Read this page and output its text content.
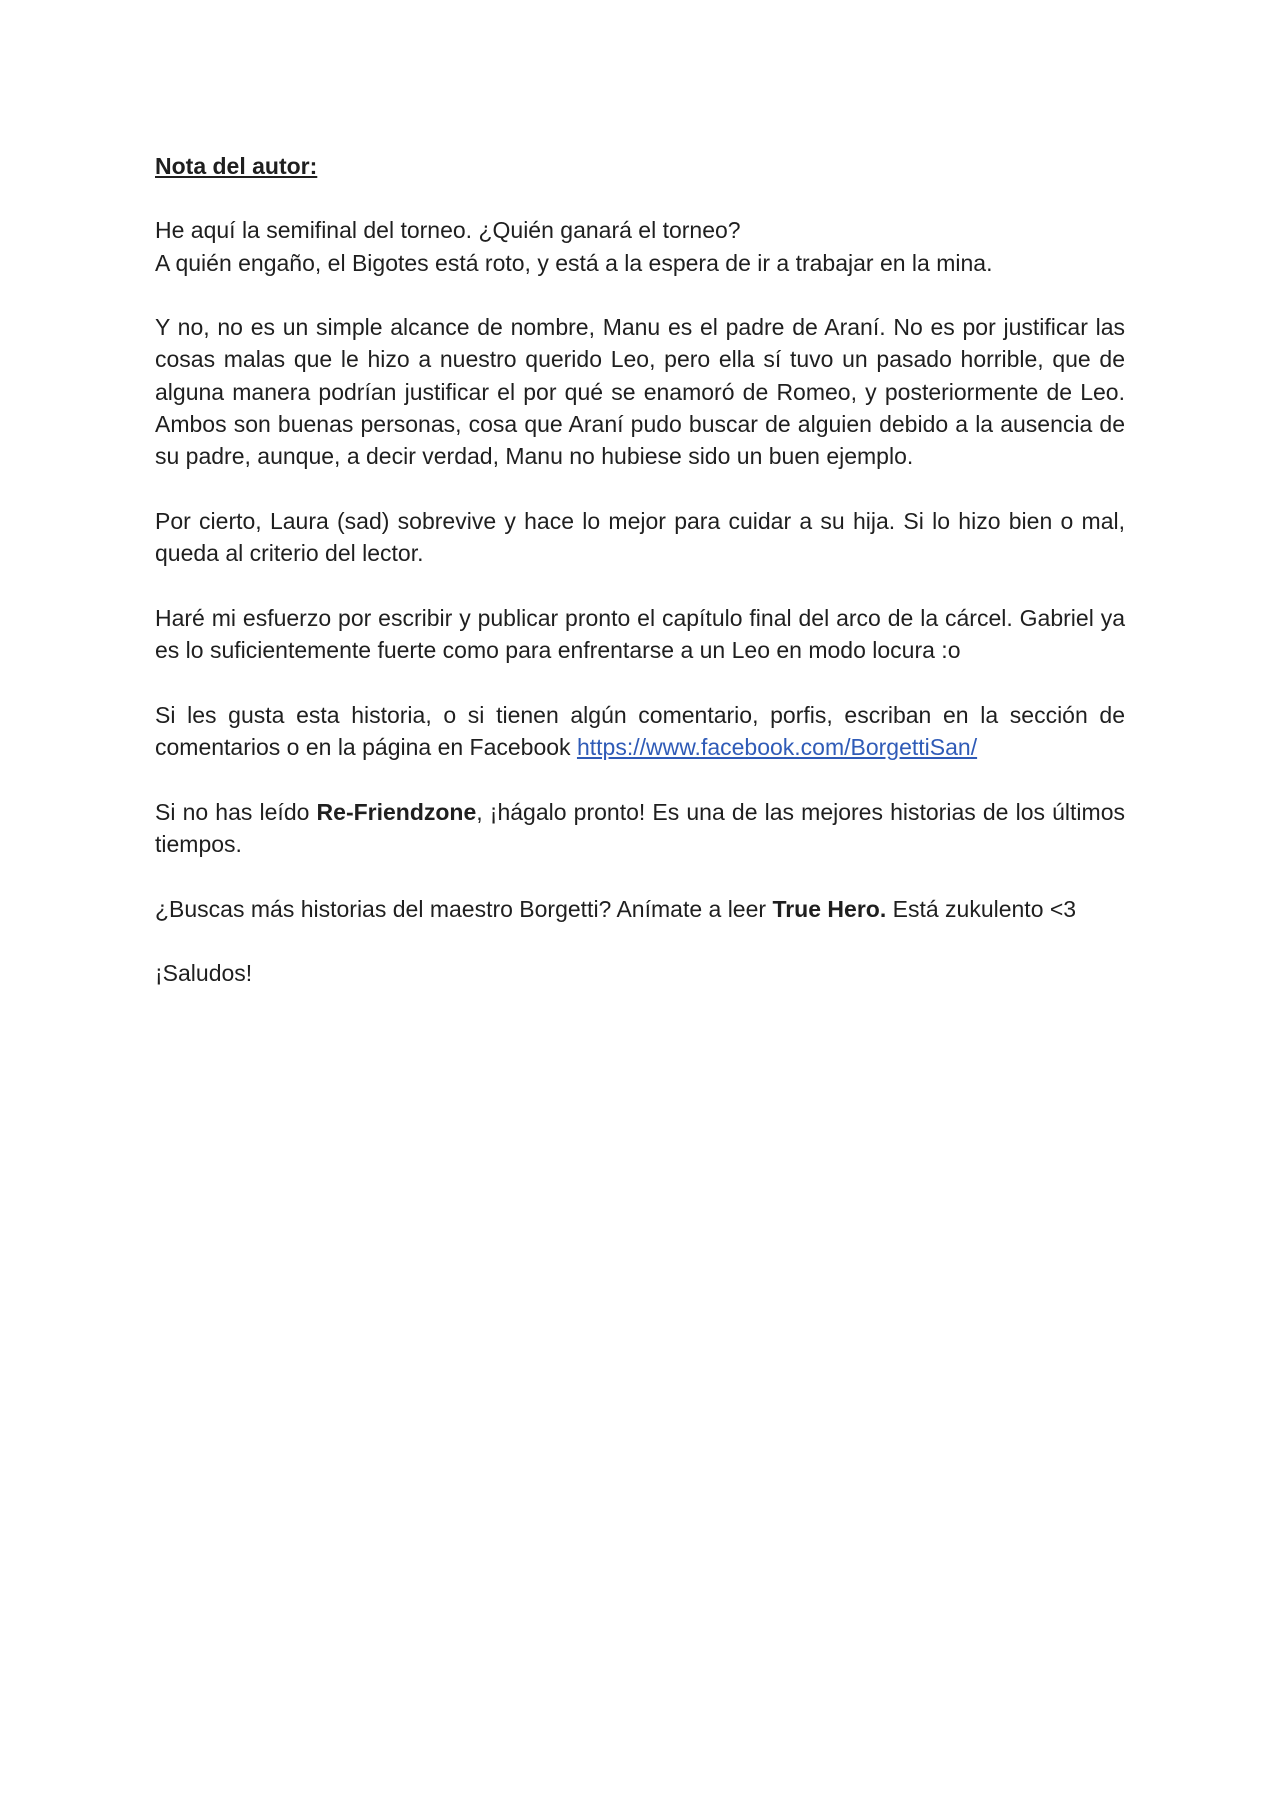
Nota del autor:

He aquí la semifinal del torneo. ¿Quién ganará el torneo?
A quién engaño, el Bigotes está roto, y está a la espera de ir a trabajar en la mina.

Y no, no es un simple alcance de nombre, Manu es el padre de Araní. No es por justificar las cosas malas que le hizo a nuestro querido Leo, pero ella sí tuvo un pasado horrible, que de alguna manera podrían justificar el por qué se enamoró de Romeo, y posteriormente de Leo. Ambos son buenas personas, cosa que Araní pudo buscar de alguien debido a la ausencia de su padre, aunque, a decir verdad, Manu no hubiese sido un buen ejemplo.

Por cierto, Laura (sad) sobrevive y hace lo mejor para cuidar a su hija. Si lo hizo bien o mal, queda al criterio del lector.

Haré mi esfuerzo por escribir y publicar pronto el capítulo final del arco de la cárcel. Gabriel ya es lo suficientemente fuerte como para enfrentarse a un Leo en modo locura :o

Si les gusta esta historia, o si tienen algún comentario, porfis, escriban en la sección de comentarios o en la página en Facebook https://www.facebook.com/BorgettiSan/

Si no has leído Re-Friendzone, ¡hágalo pronto! Es una de las mejores historias de los últimos tiempos.

¿Buscas más historias del maestro Borgetti? Anímate a leer True Hero. Está zukulento <3

¡Saludos!
